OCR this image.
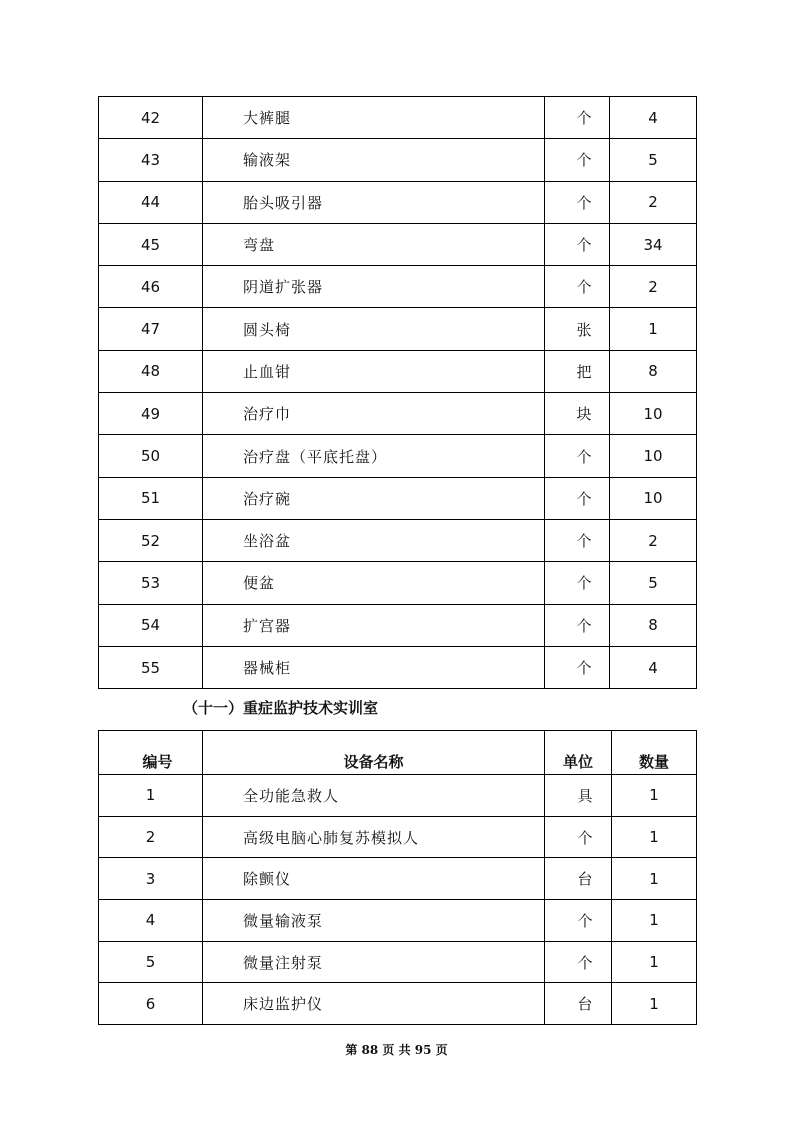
42	大裤腿	个	4
43	输液架	个	5
44	胎头吸引器	个	2
45	弯盘	个	34
46	阴道扩张器	个	2
47	圆头椅	张	1
48	止血钳	把	8
49	治疗巾	块	10
50	治疗盘（平底托盘）	个	10
51	治疗碗	个	10
52	坐浴盆	个	2
53	便盆	个	5
54	扩宫器	个	8
55	器械柜	个	4
（十一）重症监护技术实训室
编号	设备名称	单位	数量
1	全功能急救人	具	1
2	高级电脑心肺复苏模拟人	个	1
3	除颤仪	台	1
4	微量输液泵	个	1
5	微量注射泵	个	1
6	床边监护仪	台	1
第 88 页 共 95 页
